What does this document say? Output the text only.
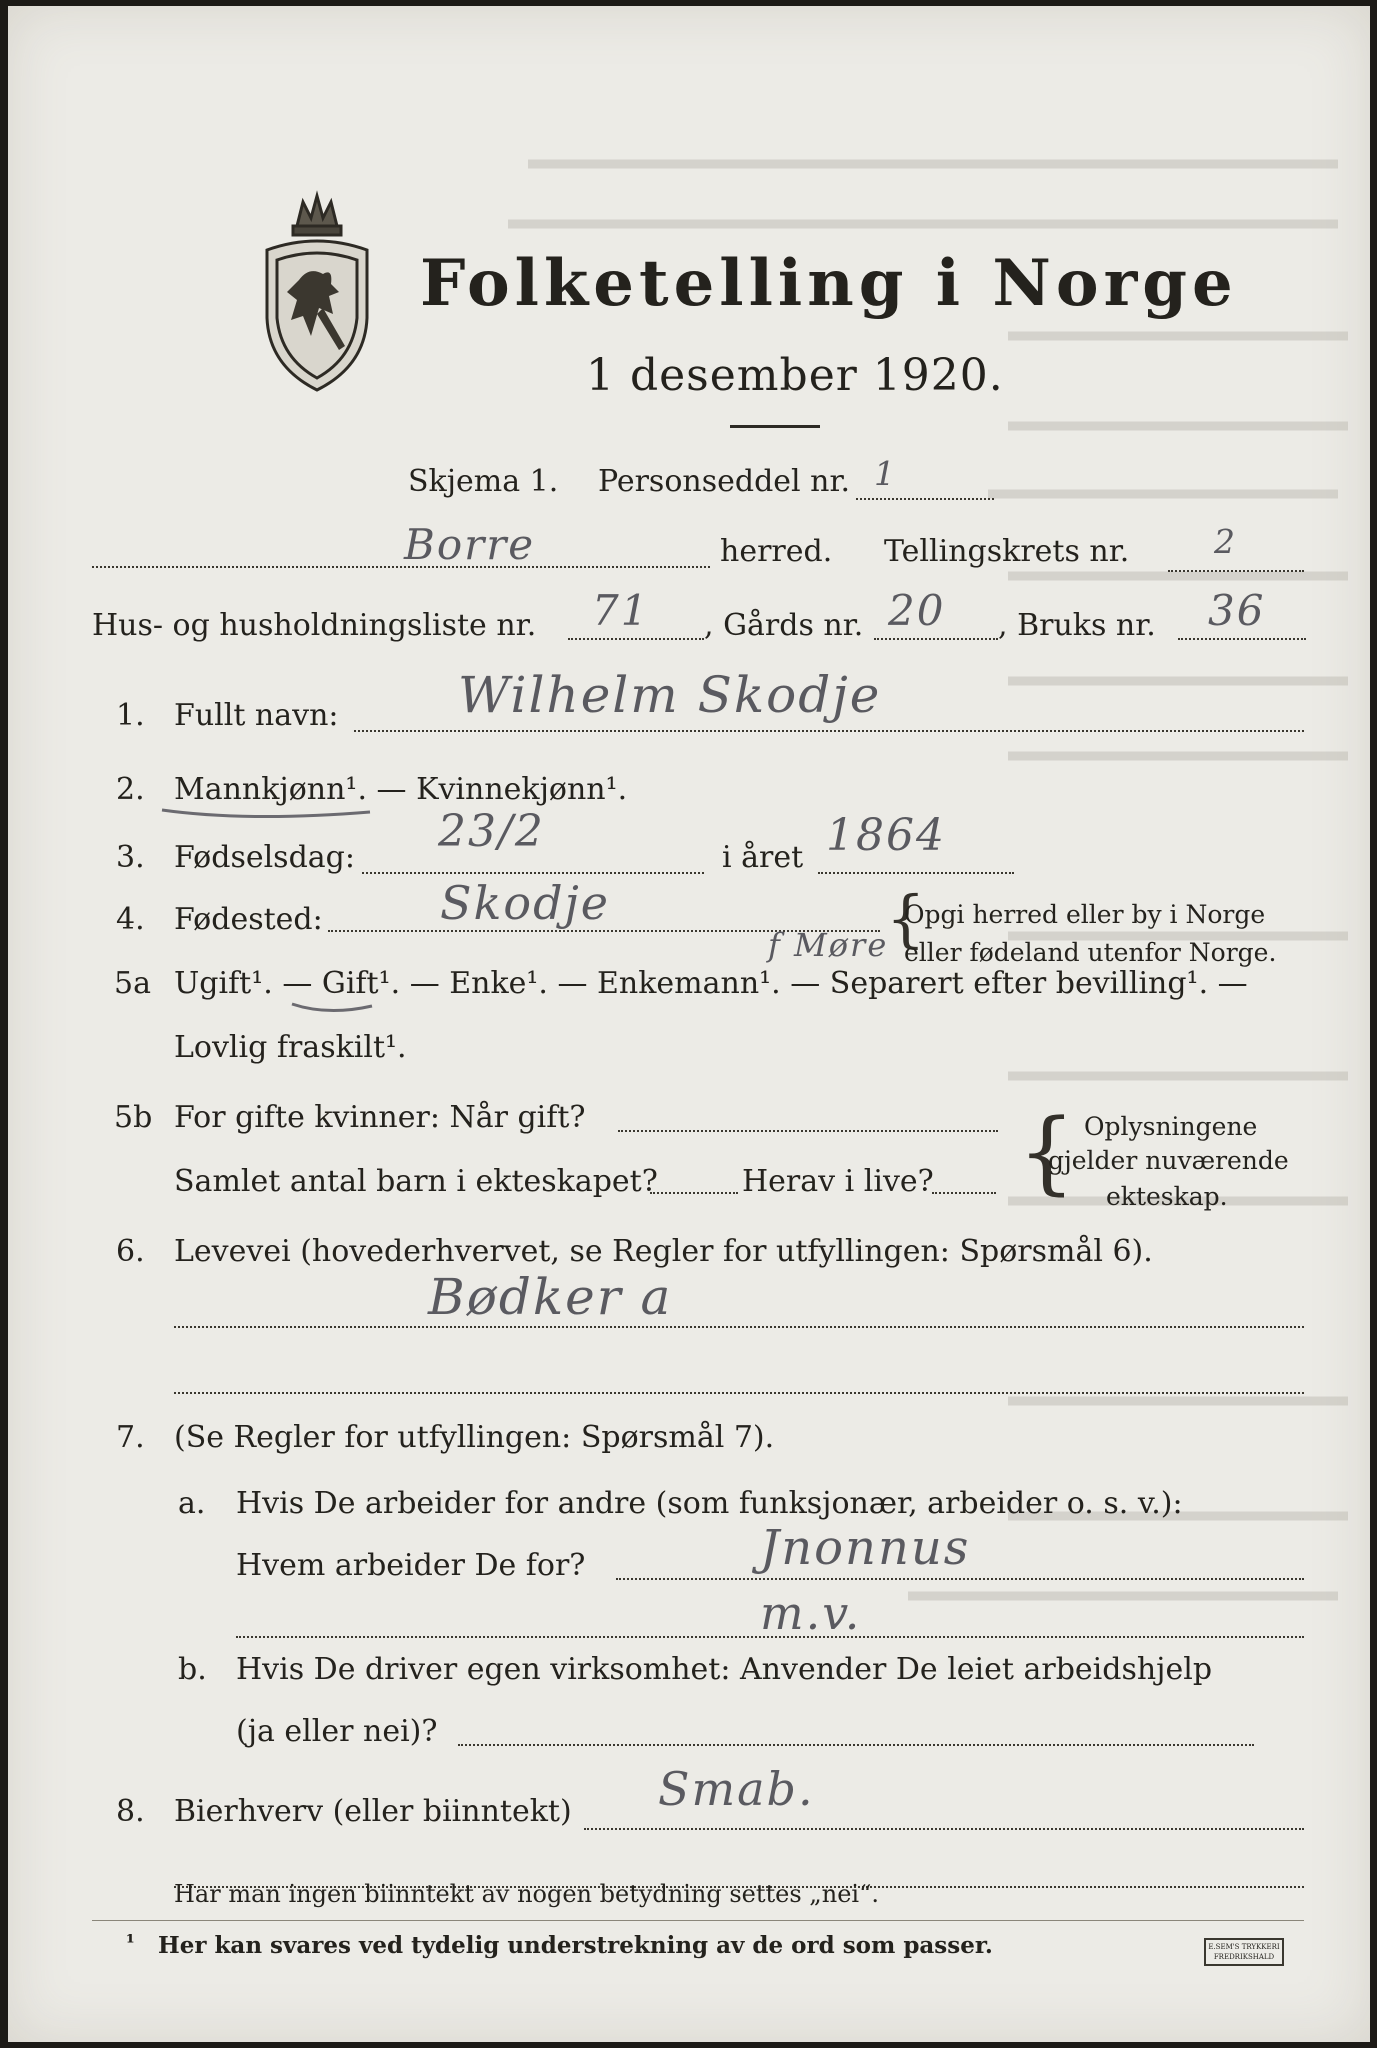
Folketelling i Norge
1 desember 1920.
Skjema 1. Personseddel nr. 1
Borre	herred. Tellingskrets nr.	2
Hus- og husholdningsliste nr. 71 , Gårds nr. 20 , Bruks nr. 36
1. Fullt navn: Wilhelm Skodje
2. Mannkjønn¹. — Kvinnekjønn¹.
3. Fødselsdag:
23/2
i året 1864
4. Fødested:	Skodje
f Møre
{
Opgi herred eller by i Norge
eller fødeland utenfor Norge.
5a Ugift¹. — Gift¹. — Enke¹. — Enkemann¹. — Separert efter bevilling¹. —
Lovlig fraskilt¹.
5b For gifte kvinner: Når gift?
Samlet antal barn i ekteskapet?	Herav i live? { Oplysningene
gjelder nuværende
ekteskap.
6. Levevei (hovederhvervet, se Regler for utfyllingen: Spørsmål 6).
Bødker a
7. (Se Regler for utfyllingen: Spørsmål 7).
a. Hvis De arbeider for andre (som funksjonær, arbeider o. s. v.):
Hvem arbeider De for?	Jnonnus
m.v.
b. Hvis De driver egen virksomhet: Anvender De leiet arbeidshjelp
(ja eller nei)?
8. Bierhverv (eller biinntekt) Smab.
Har man ingen biinntekt av nogen betydning settes „nei“.
¹ Her kan svares ved tydelig understrekning av de ord som passer.	E.SEM'S TRYKKERI FREDRIKSHALD
